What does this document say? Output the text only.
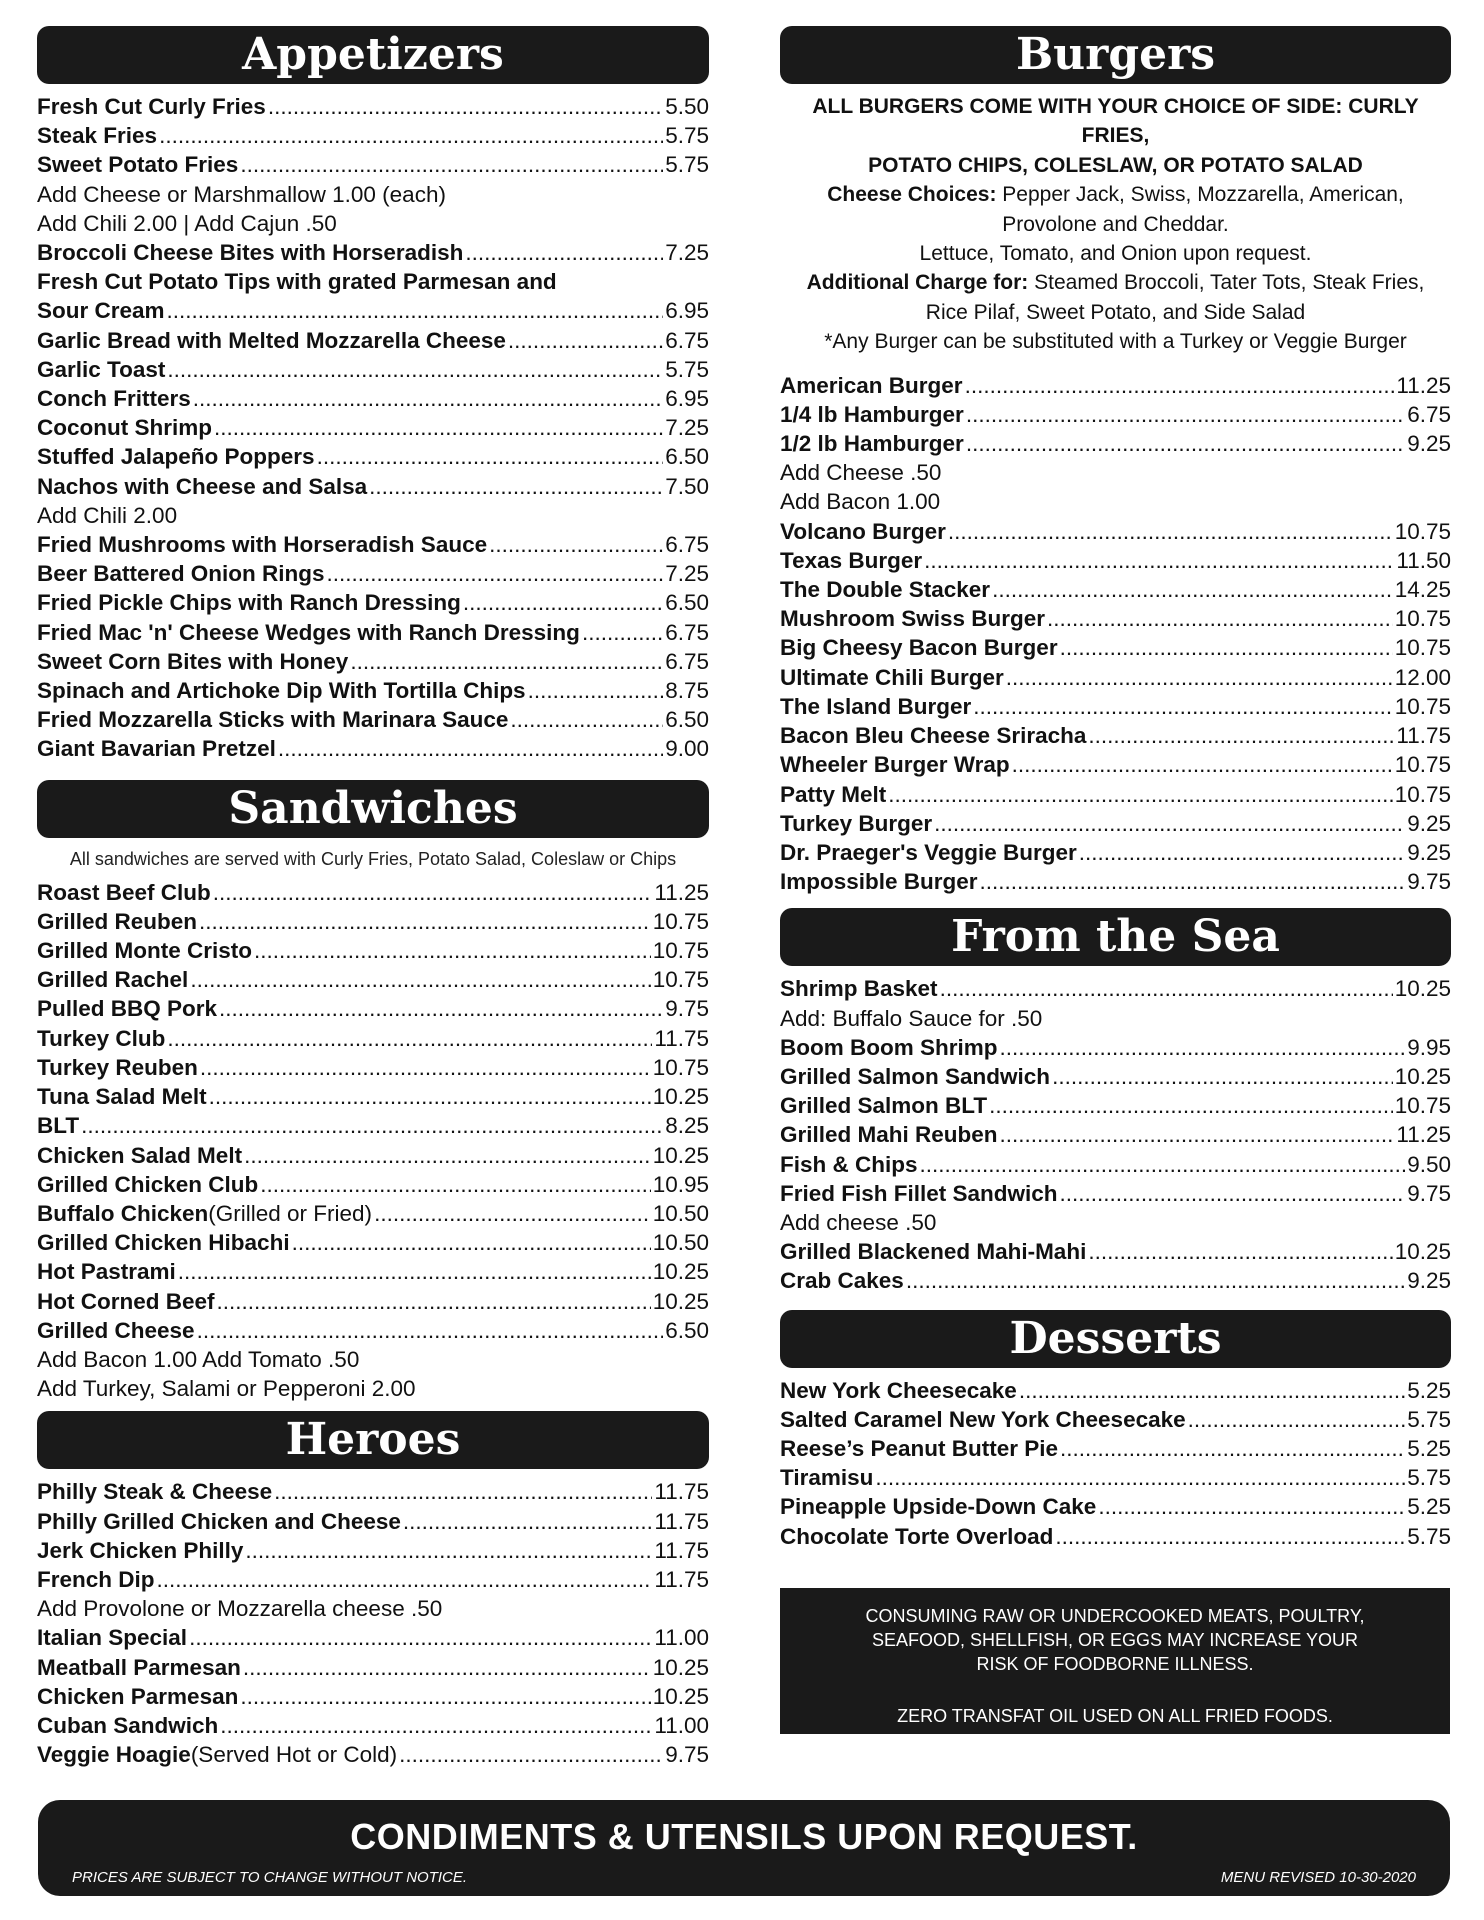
Appetizers
Fresh Cut Curly Fries .....	5.50
Steak Fries .....	5.75
Sweet Potato Fries .....	5.75
Add Cheese or Marshmallow 1.00 (each)
Add Chili 2.00 | Add Cajun .50
Broccoli Cheese Bites with Horseradish .....	7.25
Fresh Cut Potato Tips with grated Parmesan and
Sour Cream .....	6.95
Garlic Bread with Melted Mozzarella Cheese .....	6.75
Garlic Toast .....	5.75
Conch Fritters .....	6.95
Coconut Shrimp .....	7.25
Stuffed Jalapeño Poppers .....	6.50
Nachos with Cheese and Salsa .....	7.50
Add Chili 2.00
Fried Mushrooms with Horseradish Sauce .....	6.75
Beer Battered Onion Rings .....	7.25
Fried Pickle Chips with Ranch Dressing .....	6.50
Fried Mac 'n' Cheese Wedges with Ranch Dressing .....	6.75
Sweet Corn Bites with Honey .....	6.75
Spinach and Artichoke Dip With Tortilla Chips .....	8.75
Fried Mozzarella Sticks with Marinara Sauce .....	6.50
Giant Bavarian Pretzel .....	9.00
Sandwiches
All sandwiches are served with Curly Fries, Potato Salad, Coleslaw or Chips
Roast Beef Club .....	11.25
Grilled Reuben .....	10.75
Grilled Monte Cristo .....	10.75
Grilled Rachel .....	10.75
Pulled BBQ Pork .....	9.75
Turkey Club .....	11.75
Turkey Reuben .....	10.75
Tuna Salad Melt .....	10.25
BLT .....	8.25
Chicken Salad Melt .....	10.25
Grilled Chicken Club .....	10.95
Buffalo Chicken (Grilled or Fried) .....	10.50
Grilled Chicken Hibachi .....	10.50
Hot Pastrami .....	10.25
Hot Corned Beef .....	10.25
Grilled Cheese .....	6.50
Add Bacon 1.00 Add Tomato .50
Add Turkey, Salami or Pepperoni 2.00
Heroes
Philly Steak & Cheese .....	11.75
Philly Grilled Chicken and Cheese .....	11.75
Jerk Chicken Philly .....	11.75
French Dip .....	11.75
Add Provolone or Mozzarella cheese .50
Italian Special .....	11.00
Meatball Parmesan .....	10.25
Chicken Parmesan .....	10.25
Cuban Sandwich .....	11.00
Veggie Hoagie (Served Hot or Cold) .....	9.75
Burgers
ALL BURGERS COME WITH YOUR CHOICE OF SIDE: CURLY FRIES,
POTATO CHIPS, COLESLAW, OR POTATO SALAD
Cheese Choices: Pepper Jack, Swiss, Mozzarella, American,
Provolone and Cheddar.
Lettuce, Tomato, and Onion upon request.
Additional Charge for: Steamed Broccoli, Tater Tots, Steak Fries,
Rice Pilaf, Sweet Potato, and Side Salad
*Any Burger can be substituted with a Turkey or Veggie Burger
American Burger .....	11.25
1/4 lb Hamburger .....	6.75
1/2 lb Hamburger .....	9.25
Add Cheese .50
Add Bacon 1.00
Volcano Burger .....	10.75
Texas Burger .....	11.50
The Double Stacker .....	14.25
Mushroom Swiss Burger .....	10.75
Big Cheesy Bacon Burger .....	10.75
Ultimate Chili Burger .....	12.00
The Island Burger .....	10.75
Bacon Bleu Cheese Sriracha .....	11.75
Wheeler Burger Wrap .....	10.75
Patty Melt .....	10.75
Turkey Burger .....	9.25
Dr. Praeger's Veggie Burger .....	9.25
Impossible Burger .....	9.75
From the Sea
Shrimp Basket .....	10.25
Add: Buffalo Sauce for .50
Boom Boom Shrimp .....	9.95
Grilled Salmon Sandwich .....	10.25
Grilled Salmon BLT .....	10.75
Grilled Mahi Reuben .....	11.25
Fish & Chips .....	9.50
Fried Fish Fillet Sandwich .....	9.75
Add cheese .50
Grilled Blackened Mahi-Mahi .....	10.25
Crab Cakes .....	9.25
Desserts
New York Cheesecake .....	5.25
Salted Caramel New York Cheesecake .....	5.75
Reese’s Peanut Butter Pie .....	5.25
Tiramisu .....	5.75
Pineapple Upside-Down Cake .....	5.25
Chocolate Torte Overload .....	5.75
CONSUMING RAW OR UNDERCOOKED MEATS, POULTRY,
SEAFOOD, SHELLFISH, OR EGGS MAY INCREASE YOUR
RISK OF FOODBORNE ILLNESS.
ZERO TRANSFAT OIL USED ON ALL FRIED FOODS.
CONDIMENTS & UTENSILS UPON REQUEST.
PRICES ARE SUBJECT TO CHANGE WITHOUT NOTICE.	MENU REVISED 10-30-2020
